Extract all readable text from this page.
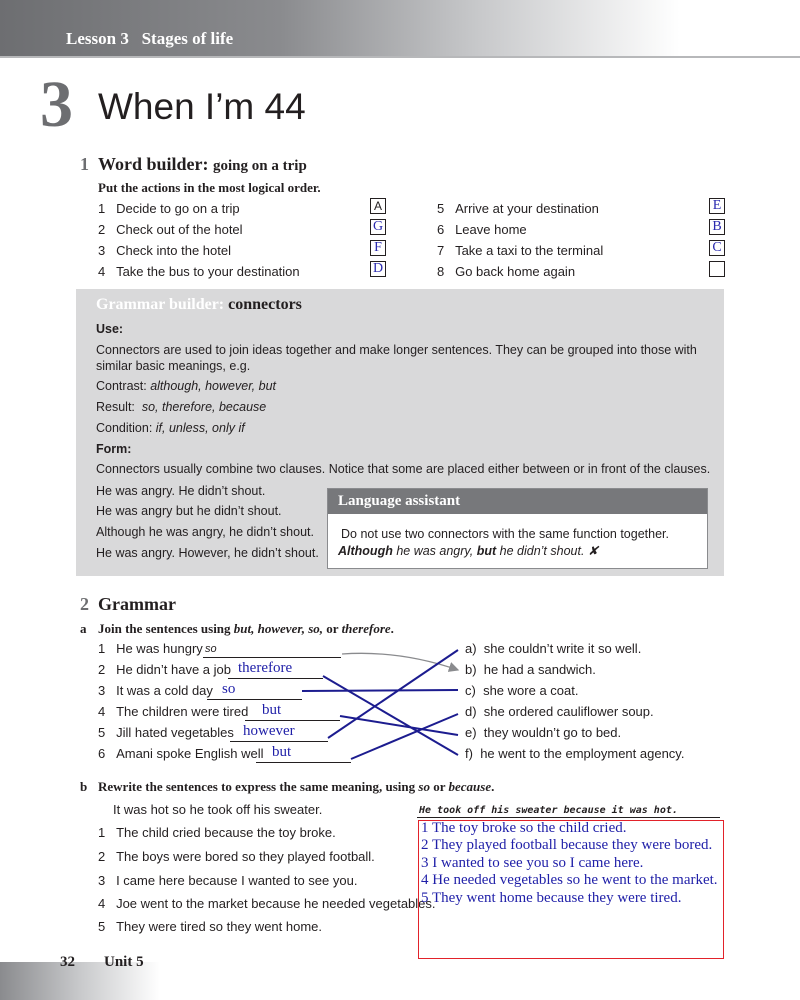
Lesson 3 Stages of life
3 When I’m 44
1 Word builder: going on a trip
Put the actions in the most logical order.
1 Decide to go on a trip
2 Check out of the hotel
3 Check into the hotel
4 Take the bus to your destination
5 Arrive at your destination
6 Leave home
7 Take a taxi to the terminal
8 Go back home again
A
G
F
D
E
B
C
Grammar builder: connectors
Use:
Connectors are used to join ideas together and make longer sentences. They can be grouped into those with similar basic meanings, e.g.
Contrast: although, however, but
Result: so, therefore, because
Condition: if, unless, only if
Form:
Connectors usually combine two clauses. Notice that some are placed either between or in front of the clauses.
He was angry. He didn’t shout.
He was angry but he didn’t shout.
Although he was angry, he didn’t shout.
He was angry. However, he didn’t shout.
Language assistant
Do not use two connectors with the same function together.
Although he was angry, but he didn’t shout. ✘
2 Grammar
a Join the sentences using but, however, so, or therefore.
1 He was hungry
2 He didn’t have a job
3 It was a cold day
4 The children were tired
5 Jill hated vegetables
6 Amani spoke English well
so
therefore
so
but
however
but
a) she couldn’t write it so well.
b) he had a sandwich.
c) she wore a coat.
d) she ordered cauliflower soup.
e) they wouldn’t go to bed.
f) he went to the employment agency.
b Rewrite the sentences to express the same meaning, using so or because.
It was hot so he took off his sweater.	He took off his sweater because it was hot.
1 The child cried because the toy broke.
2 The boys were bored so they played football.
3 I came here because I wanted to see you.
4 Joe went to the market because he needed vegetables.
5 They were tired so they went home.
1 The toy broke so the child cried.
2 They played football because they were bored.
3 I wanted to see you so I came here.
4 He needed vegetables so he went to the market.
5 They went home because they were tired.
32 Unit 5
